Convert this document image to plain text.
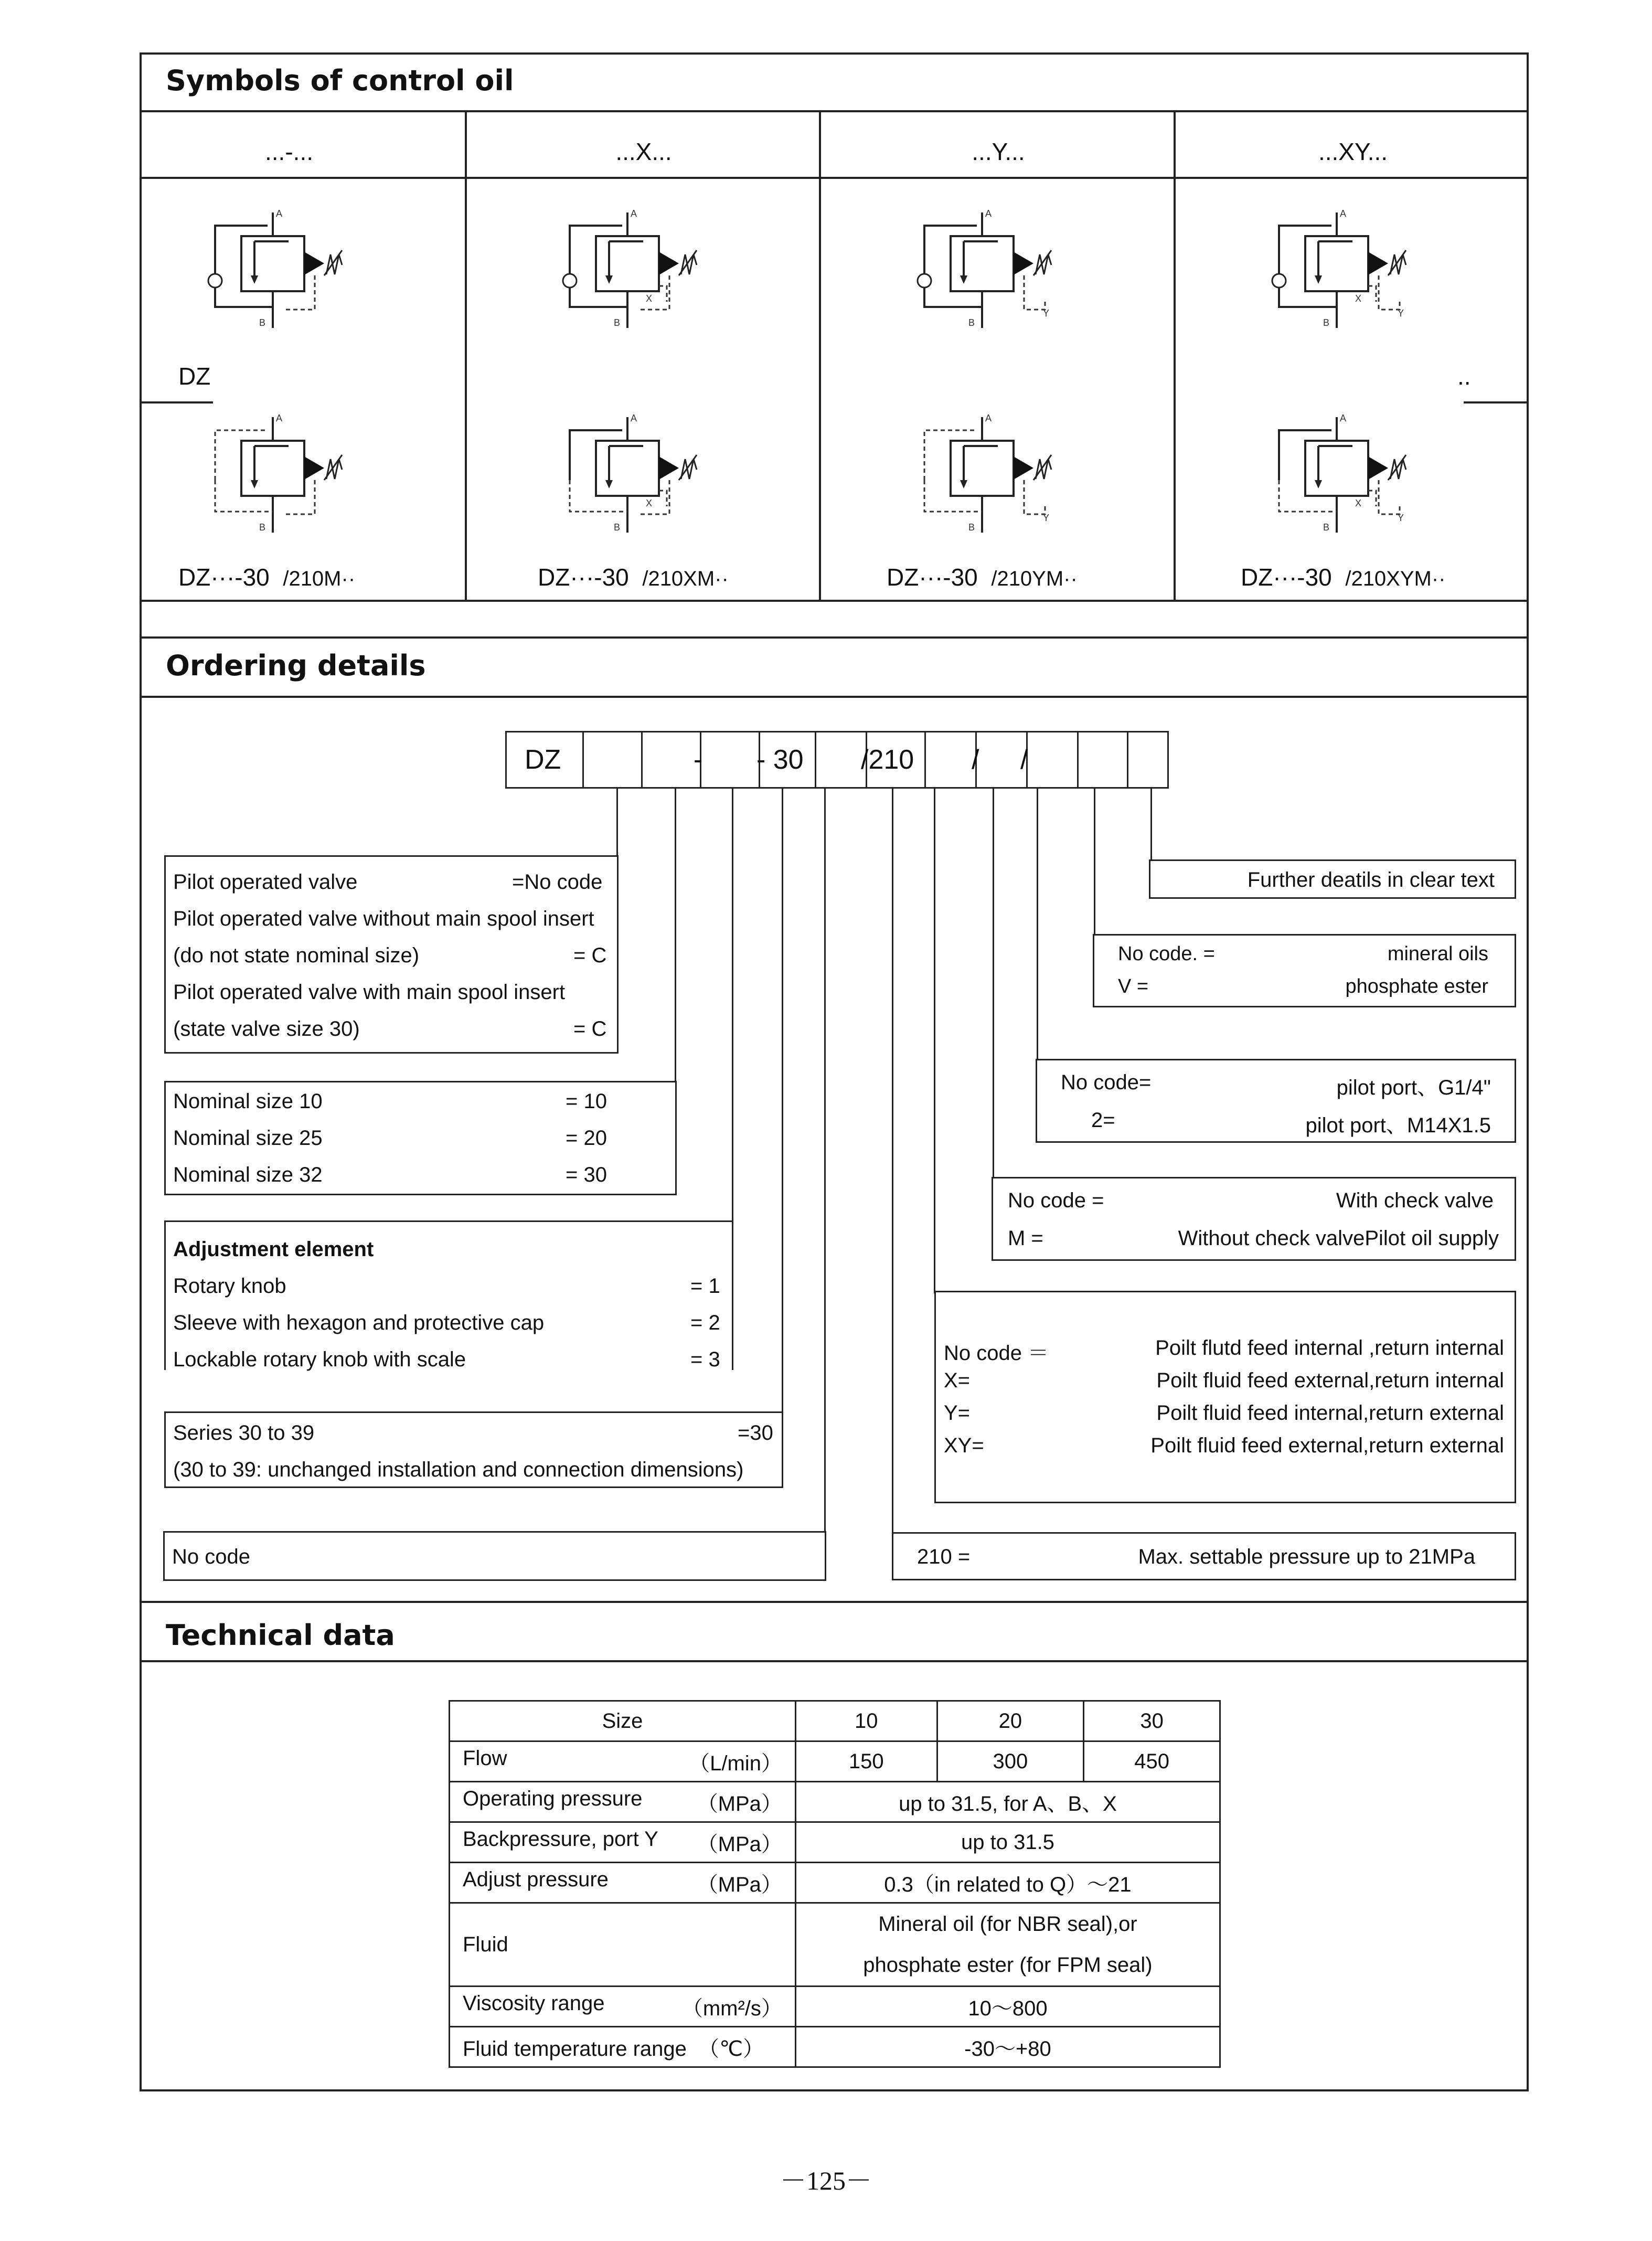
Symbols of control oil
...-...	...X...	...Y...	...XY...
DZ	..
A
B
A
B
X
A
B
Y
A
B
X
Y
A
B
A
B
X
A
B
Y
A
B
X
Y
DZ···-30 /210M··	DZ···-30 /210XM··	DZ···-30 /210YM··	DZ···-30 /210XYM··
Ordering details
DZ	- - 30 /210 / /
Pilot operated valve	=No code
Pilot operated valve without main spool insert
(do not state nominal size)	= C
Pilot operated valve with main spool insert
(state valve size 30)	= C
Nominal size 10	= 10
Nominal size 25	= 20
Nominal size 32	= 30
Adjustment element
Rotary knob	= 1
Sleeve with hexagon and protective cap	= 2
Lockable rotary knob with scale	= 3
Series 30 to 39	=30
(30 to 39: unchanged installation and connection dimensions)
No code
Further deatils in clear text
No code. =	mineral oils
V =	phosphate ester
No code=	pilot port、G1/4"
2=	pilot port、M14X1.5
No code =	With check valve
M =	Without check valvePilot oil supply
No code ＝	Poilt flutd feed internal ,return internal
X=	Poilt fluid feed external,return internal
Y=	Poilt fluid feed internal,return external
XY=	Poilt fluid feed external,return external
210 =	Max. settable pressure up to 21MPa
Technical data
Size	10	20	30
Flow （L/min）	150	300	450
Operating pressure （MPa）	up to 31.5, for A、B、X		
Backpressure, port Y （MPa）	up to 31.5		
Adjust pressure （MPa）	0.3（in related to Q）～21		
Fluid	Mineral oil (for NBR seal),or
phosphate ester (for FPM seal)		

Viscosity range （mm²/s）	10～800		
Fluid temperature range （℃）	-30～+80		
－125－
